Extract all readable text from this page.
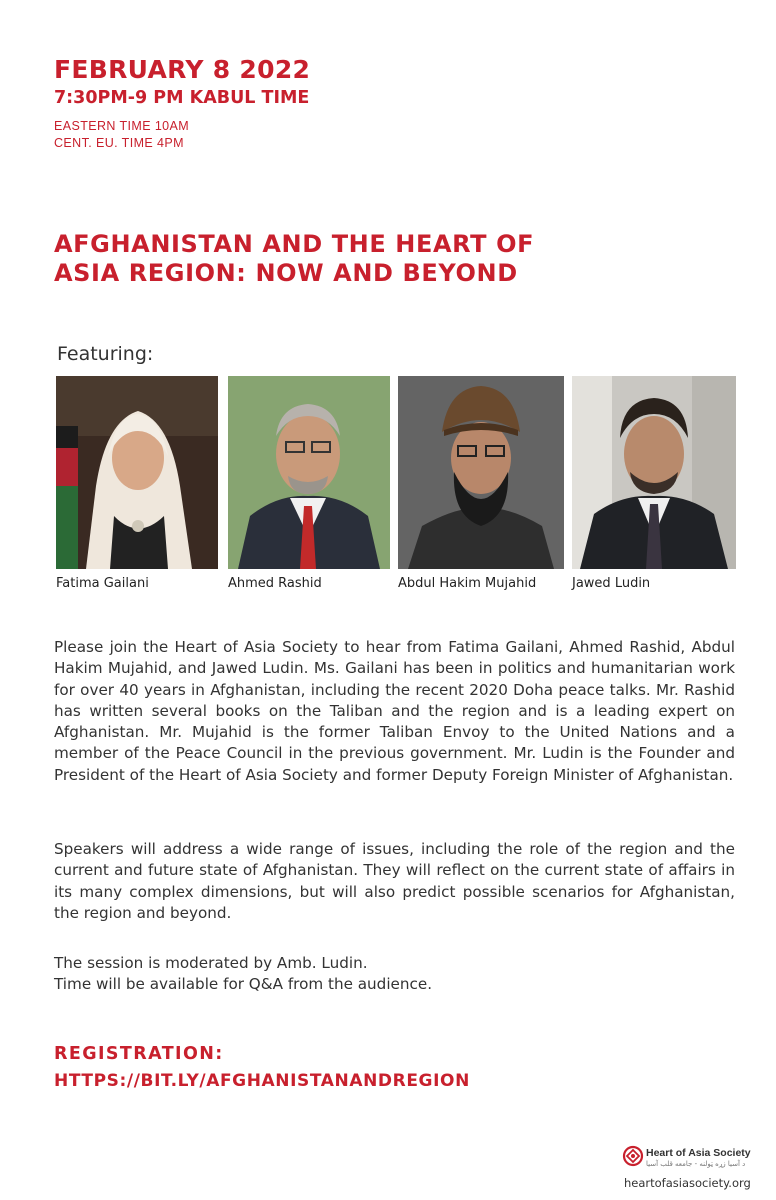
FEBRUARY 8 2022
7:30PM-9 PM KABUL TIME
EASTERN TIME 10AM
CENT. EU. TIME 4PM
AFGHANISTAN AND THE HEART OF
ASIA REGION: NOW AND BEYOND
Featuring:
Fatima Gailani	Ahmed Rashid	Abdul Hakim Mujahid	Jawed Ludin

Please join the Heart of Asia Society to hear from Fatima Gailani, Ahmed Rashid, Abdul Hakim Mujahid, and Jawed Ludin. Ms. Gailani has been in politics and humanitarian work for over 40 years in Afghanistan, including the recent 2020 Doha peace talks. Mr. Rashid has written several books on the Taliban and the region and is a leading expert on Afghanistan. Mr. Mujahid is the former Taliban Envoy to the United Nations and a member of the Peace Council in the previous government. Mr. Ludin is the Founder and President of the Heart of Asia Society and former Deputy Foreign Minister of Afghanistan.

Speakers will address a wide range of issues, including the role of the region and the current and future state of Afghanistan. They will reflect on the current state of affairs in its many complex dimensions, but will also predict possible scenarios for Afghanistan, the region and beyond.

The session is moderated by Amb. Ludin.
Time will be available for Q&A from the audience.
REGISTRATION:
HTTPS://BIT.LY/AFGHANISTANANDREGION
Heart of Asia Society
د آسیا زړه ټولنه - جامعه قلب آسیا
heartofasiasociety.org
